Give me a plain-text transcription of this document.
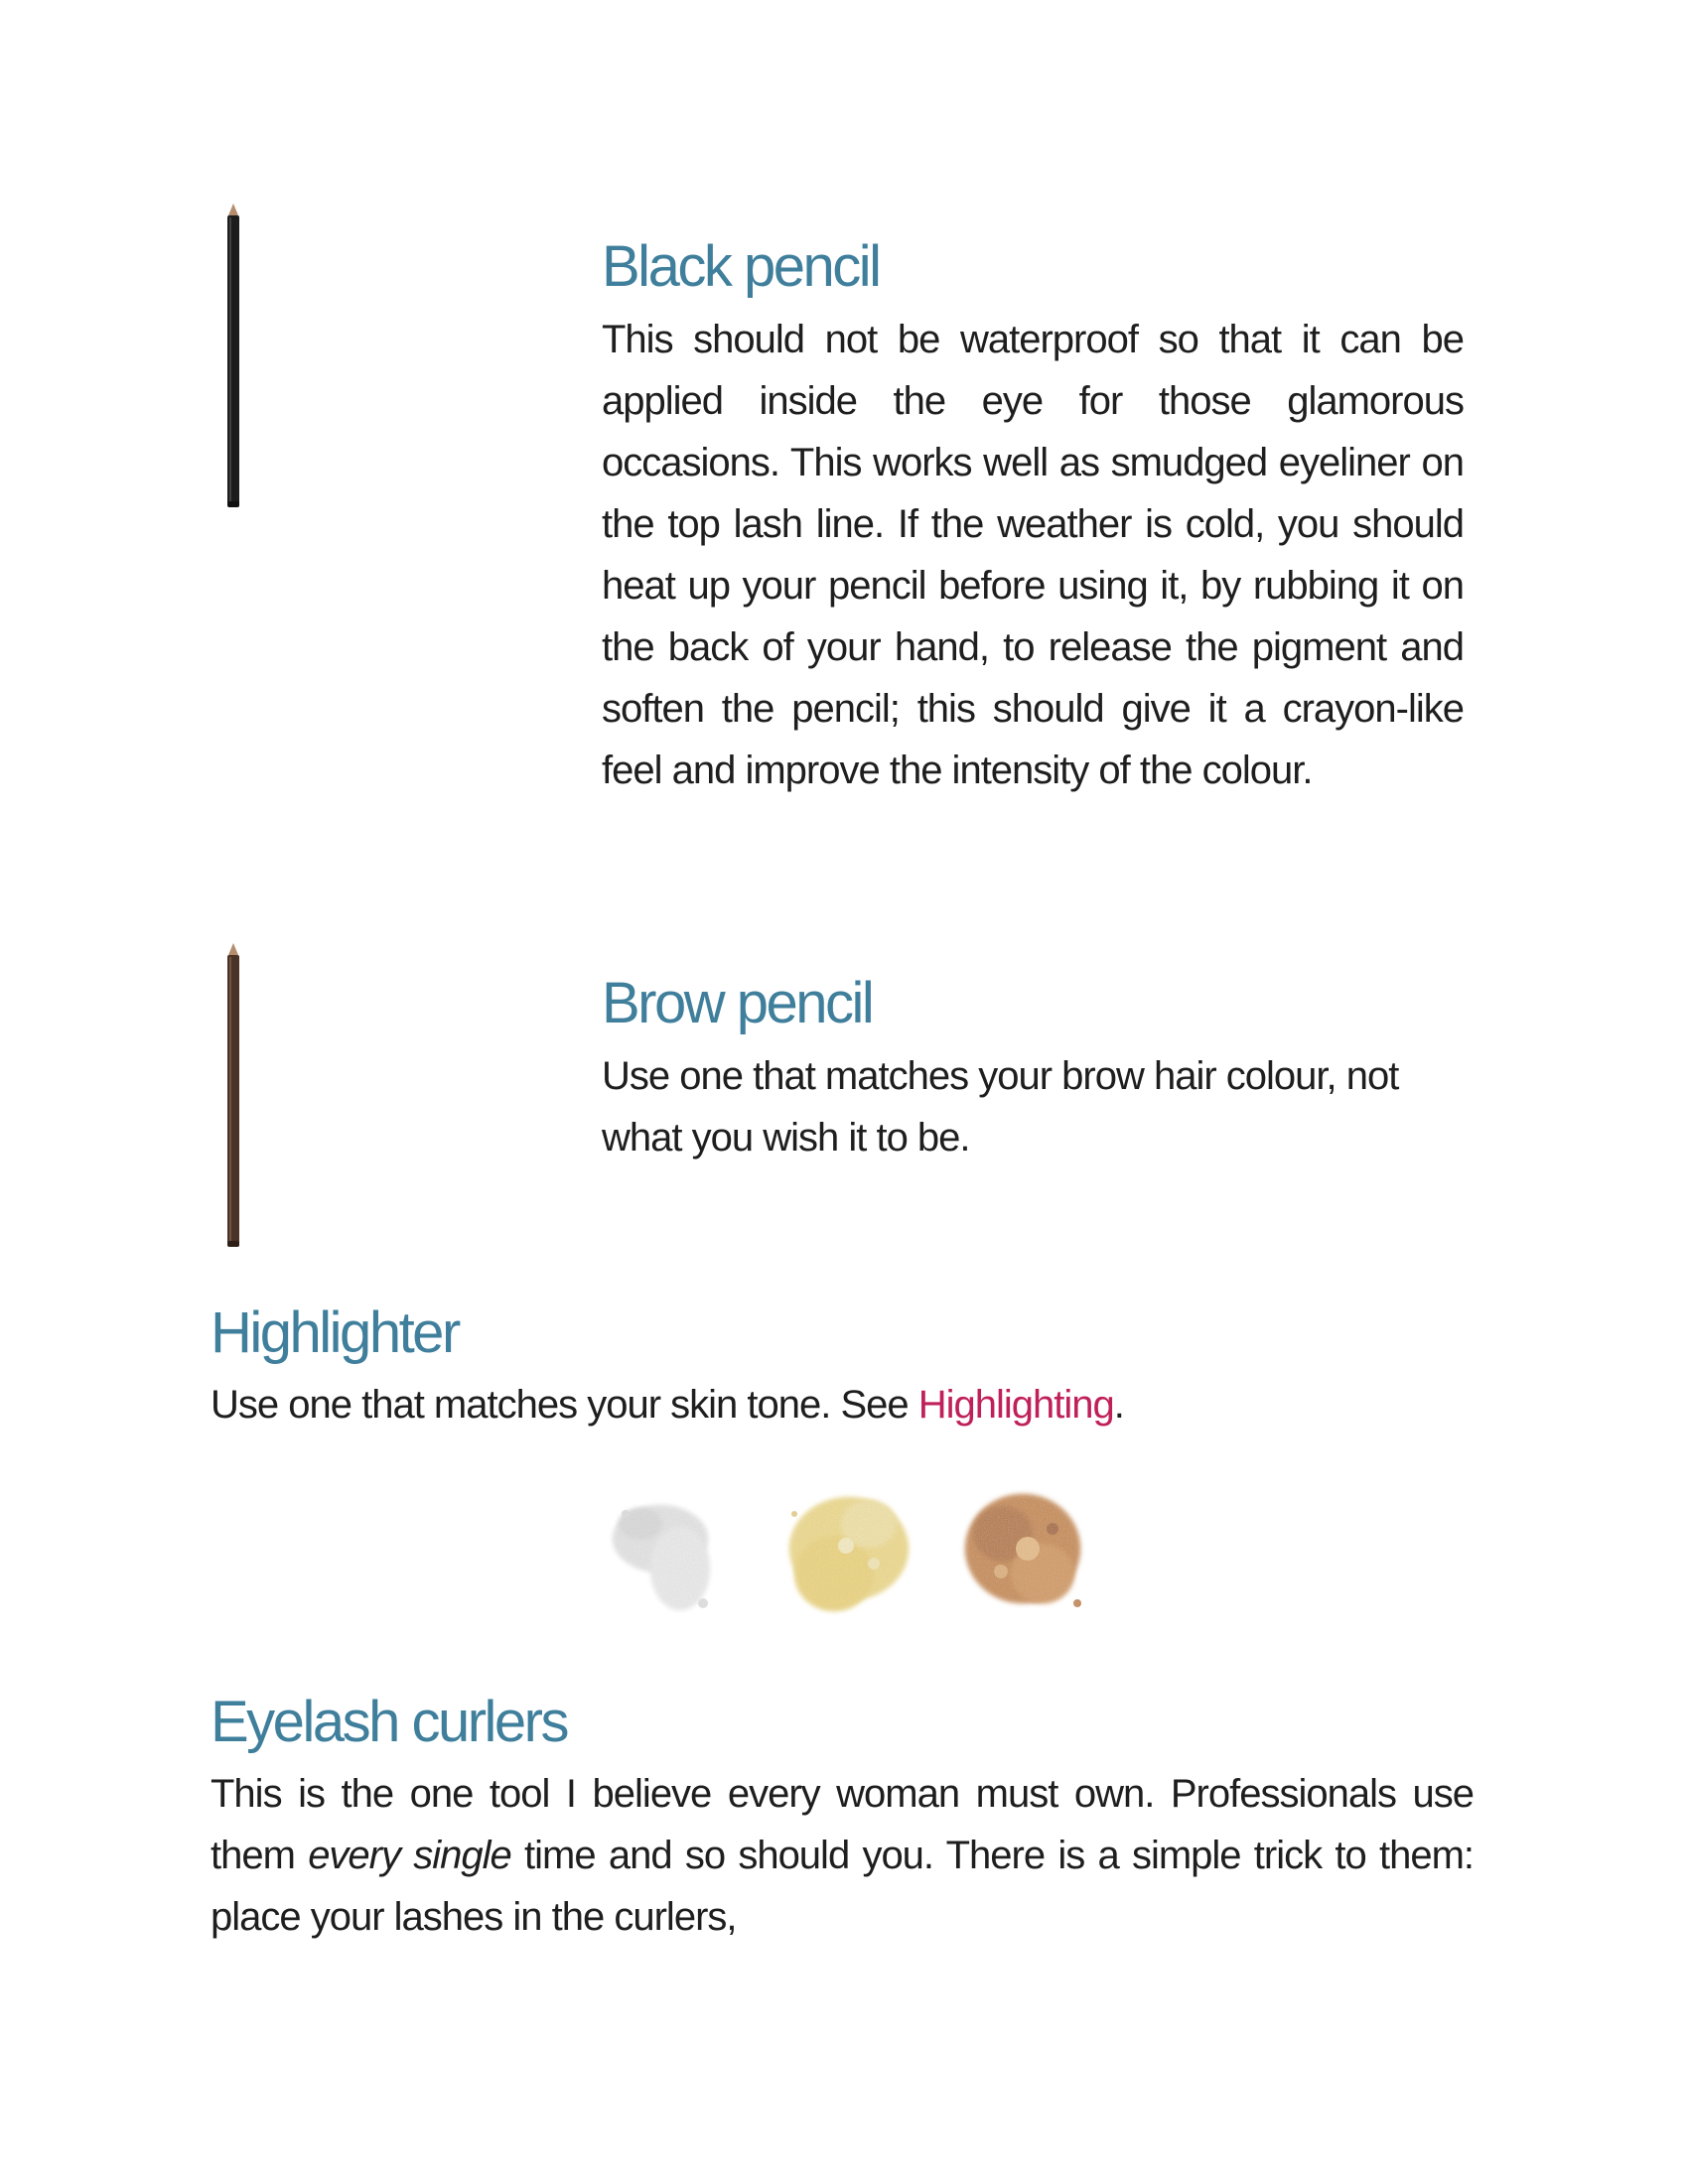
Black pencil

This should not be waterproof so that it can be applied inside the eye for those glamorous occasions. This works well as smudged eyeliner on the top lash line. If the weather is cold, you should heat up your pencil before using it, by rubbing it on the back of your hand, to release the pigment and soften the pencil; this should give it a crayon-like feel and improve the intensity of the colour.

Brow pencil

Use one that matches your brow hair colour, not what you wish it to be.

Highlighter

Use one that matches your skin tone. See Highlighting.

Eyelash curlers

This is the one tool I believe every woman must own. Professionals use them every single time and so should you. There is a simple trick to them: place your lashes in the curlers,
